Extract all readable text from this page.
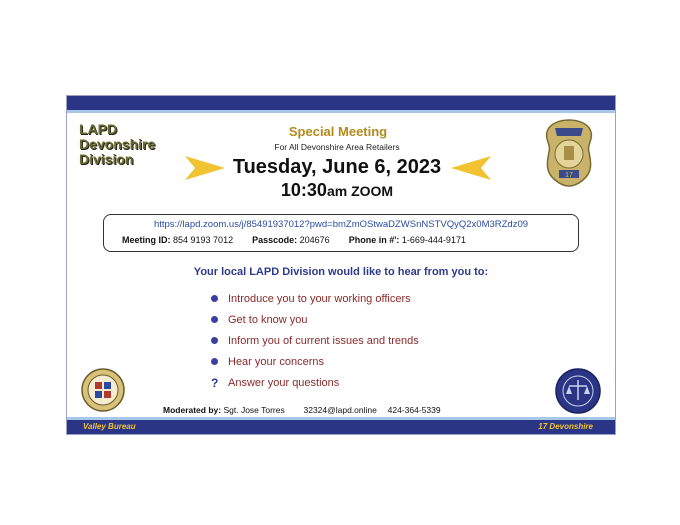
LAPD
Devonshire
Division
Special Meeting
For All Devonshire Area Retailers
Tuesday, June 6, 2023
10:30am ZOOM
17
https://lapd.zoom.us/j/85491937012?pwd=bmZmOStwaDZWSnNSTVQyQ2x0M3RZdz09
Meeting ID: 854 9193 7012 Passcode: 204676 Phone in #': 1-669-444-9171
Your local LAPD Division would like to hear from you to:
Introduce you to your working officers
Get to know you
Inform you of current issues and trends
Hear your concerns
? Answer your questions
Moderated by: Sgt. Jose Torres 32324@lapd.online 424-364-5339
Valley Bureau	17 Devonshire
